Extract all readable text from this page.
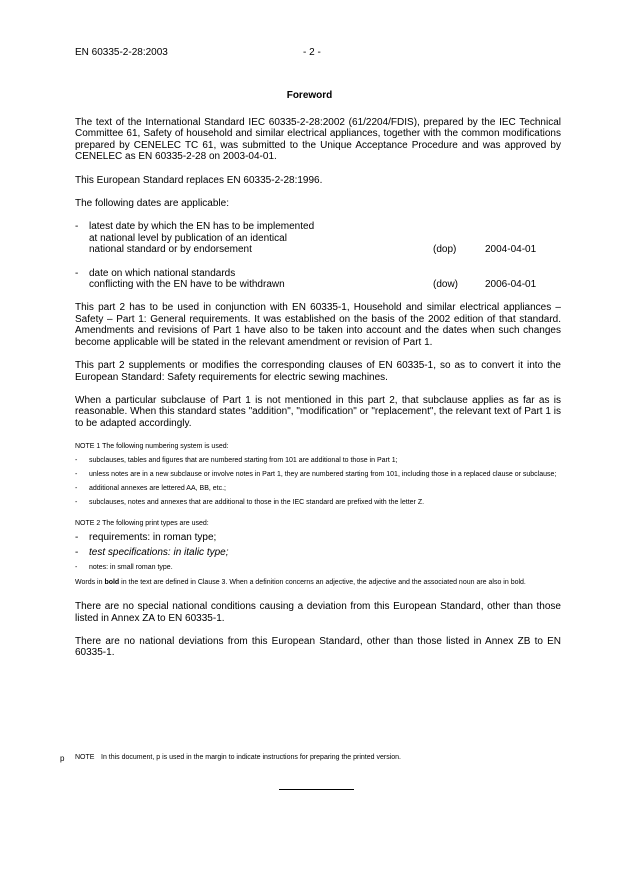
EN 60335-2-28:2003	- 2 -
Foreword

The text of the International Standard IEC 60335-2-28:2002 (61/2204/FDIS), prepared by the IEC Technical Committee 61, Safety of household and similar electrical appliances, together with the common modifications prepared by CENELEC TC 61, was submitted to the Unique Acceptance Procedure and was approved by CENELEC as EN 60335-2-28 on 2003-04-01.

This European Standard replaces EN 60335-2-28:1996.

The following dates are applicable:

-	latest date by which the EN has to be implemented
at national level by publication of an identical
national standard or by endorsement	(dop)	2004-04-01
-	date on which national standards
conflicting with the EN have to be withdrawn	(dow)	2006-04-01

This part 2 has to be used in conjunction with EN 60335-1, Household and similar electrical appliances – Safety – Part 1: General requirements. It was established on the basis of the 2002 edition of that standard. Amendments and revisions of Part 1 have also to be taken into account and the dates when such changes become applicable will be stated in the relevant amendment or revision of Part 1.

This part 2 supplements or modifies the corresponding clauses of EN 60335-1, so as to convert it into the European Standard: Safety requirements for electric sewing machines.

When a particular subclause of Part 1 is not mentioned in this part 2, that subclause applies as far as is reasonable. When this standard states "addition", "modification" or "replacement", the relevant text of Part 1 is to be adapted accordingly.

NOTE 1 The following numbering system is used:
-	subclauses, tables and figures that are numbered starting from 101 are additional to those in Part 1;
-	unless notes are in a new subclause or involve notes in Part 1, they are numbered starting from 101, including those in a replaced clause or subclause;
-	additional annexes are lettered AA, BB, etc.;
-	subclauses, notes and annexes that are additional to those in the IEC standard are prefixed with the letter Z.
NOTE 2 The following print types are used:
-	requirements: in roman type;
-	test specifications: in italic type;
-	notes: in small roman type.
Words in bold in the text are defined in Clause 3. When a definition concerns an adjective, the adjective and the associated noun are also in bold.

There are no special national conditions causing a deviation from this European Standard, other than those listed in Annex ZA to EN 60335-1.

There are no national deviations from this European Standard, other than those listed in Annex ZB to EN 60335-1.

p	NOTE In this document, p is used in the margin to indicate instructions for preparing the printed version.
